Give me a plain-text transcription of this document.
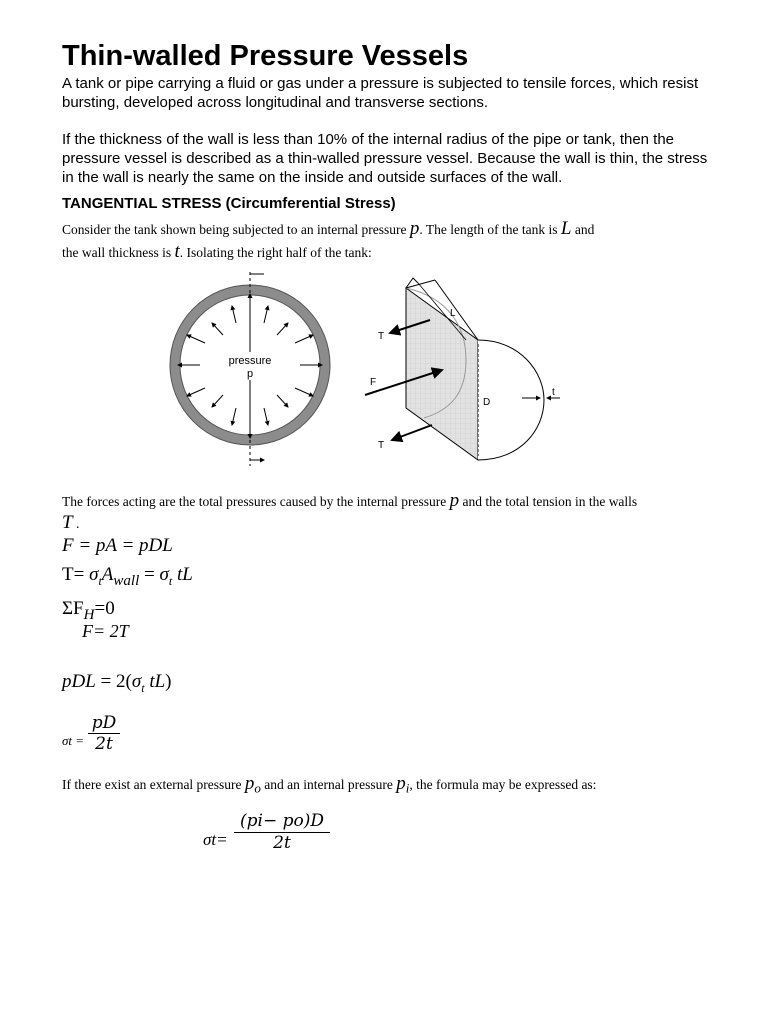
Thin-walled Pressure Vessels

A tank or pipe carrying a fluid or gas under a pressure is subjected to tensile forces, which resist bursting, developed across longitudinal and transverse sections.

If the thickness of the wall is less than 10% of the internal radius of the pipe or tank, then the pressure vessel is described as a thin-walled pressure vessel. Because the wall is thin, the stress in the wall is nearly the same on the inside and outside surfaces of the wall.

TANGENTIAL STRESS (Circumferential Stress)

Consider the tank shown being subjected to an internal pressure p. The length of the tank is L and
the wall thickness is t. Isolating the right half of the tank:
pressure
p
L
T
F
T
D
t
The forces acting are the total pressures caused by the internal pressure p and the total tension in the walls
T .
F = pA = pDL
$T= \sigma_tA_{wall} = \sigma_t$ tL
$\Sigma F_H=0$
F= 2T
pDL = $2(\sigma_t$ tL)
σt =
pD
2t
If there exist an external pressure $p_o$ and an internal pressure $p_i$, the formula may be expressed as:
σt=
(pi− po)D
2t
